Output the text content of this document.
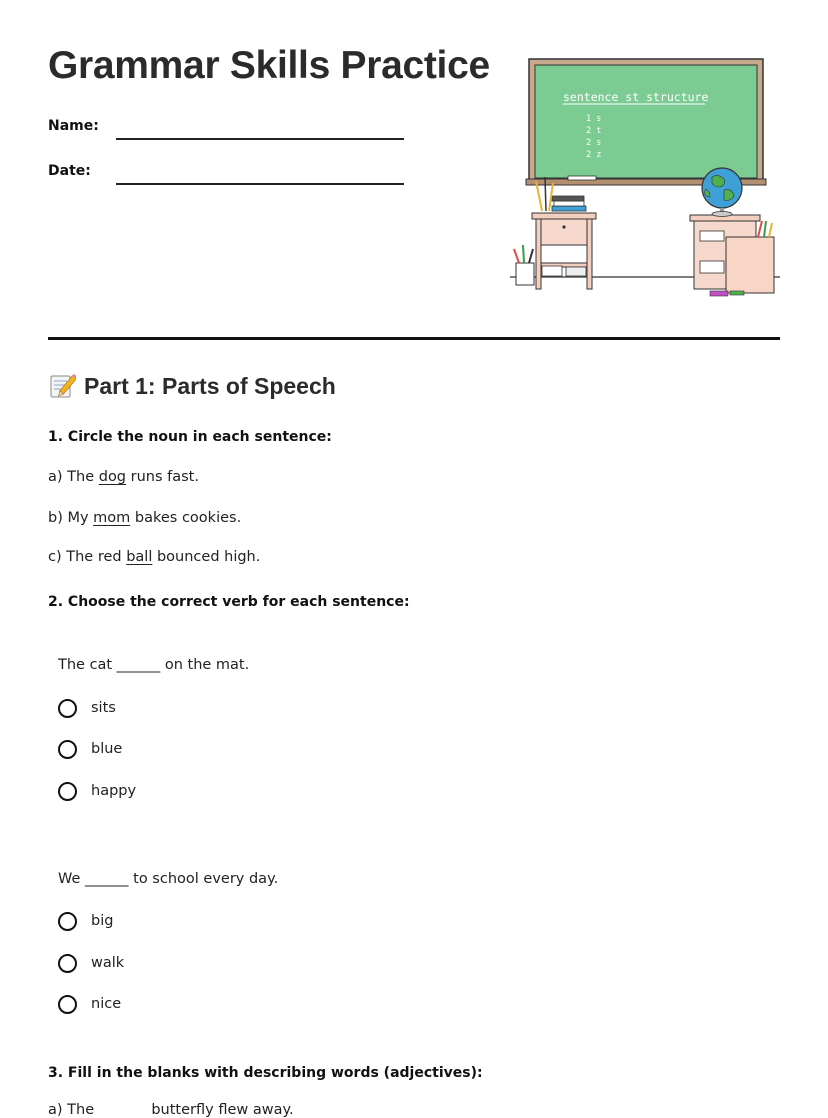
Grammar Skills Practice
Name:
Date:
sentence st structure
1 s
2 t
2 s
2 z
Part 1: Parts of Speech
1. Circle the noun in each sentence:
a) The dog runs fast.
b) My mom bakes cookies.
c) The red ball bounced high.
2. Choose the correct verb for each sentence:
The cat ______ on the mat.
sits
blue
happy
We ______ to school every day.
big
walk
nice
3. Fill in the blanks with describing words (adjectives):
a) The	butterfly flew away.
